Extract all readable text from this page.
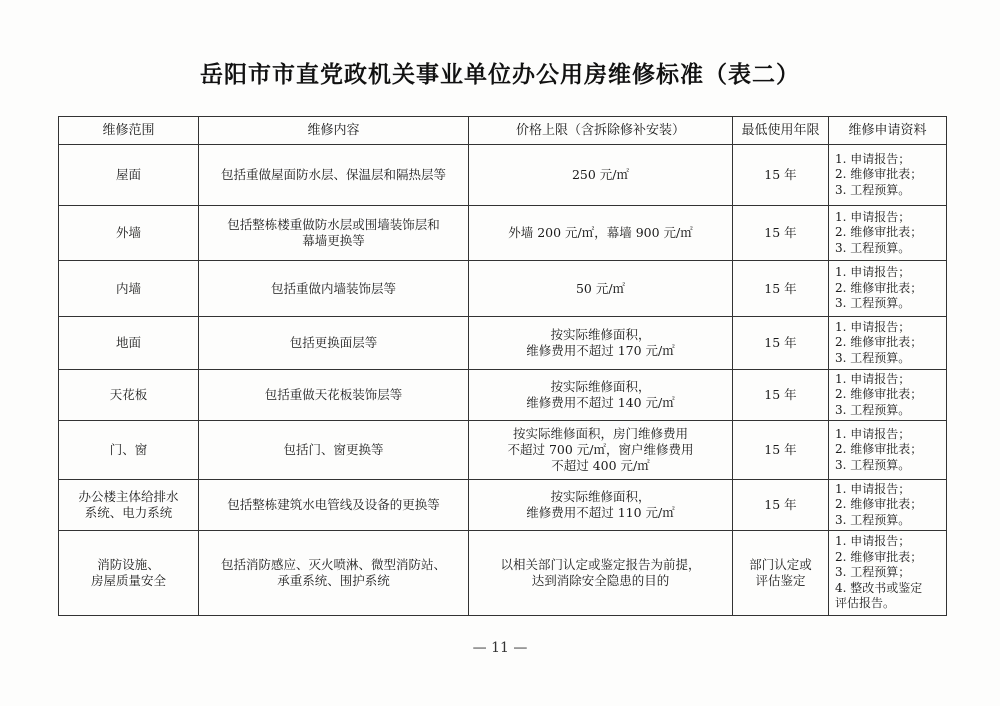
岳阳市市直党政机关事业单位办公用房维修标准（表二）
维修范围	维修内容	价格上限（含拆除修补安装）	最低使用年限	维修申请资料

屋面	包括重做屋面防水层、保温层和隔热层等	250 元/㎡	15 年	1. 申请报告；
2. 维修审批表；
3. 工程预算。

外墙	包括整栋楼重做防水层或围墙装饰层和
幕墙更换等	外墙 200 元/㎡，幕墙 900 元/㎡	15 年	1. 申请报告；
2. 维修审批表；
3. 工程预算。

内墙	包括重做内墙装饰层等	50 元/㎡	15 年	1. 申请报告；
2. 维修审批表；
3. 工程预算。

地面	包括更换面层等	按实际维修面积，
维修费用不超过 170 元/㎡	15 年	1. 申请报告；
2. 维修审批表；
3. 工程预算。

天花板	包括重做天花板装饰层等	按实际维修面积，
维修费用不超过 140 元/㎡	15 年	1. 申请报告；
2. 维修审批表；
3. 工程预算。

门、窗	包括门、窗更换等	按实际维修面积，房门维修费用
不超过 700 元/㎡，窗户维修费用
不超过 400 元/㎡	15 年	1. 申请报告；
2. 维修审批表；
3. 工程预算。

办公楼主体给排水
系统、电力系统	包括整栋建筑水电管线及设备的更换等	按实际维修面积，
维修费用不超过 110 元/㎡	15 年	1. 申请报告；
2. 维修审批表；
3. 工程预算。

消防设施、
房屋质量安全	包括消防感应、灭火喷淋、微型消防站、
承重系统、围护系统	以相关部门认定或鉴定报告为前提，
达到消除安全隐患的目的	部门认定或
评估鉴定	1. 申请报告；
2. 维修审批表；
3. 工程预算；
4. 整改书或鉴定
评估报告。
— 11 —
